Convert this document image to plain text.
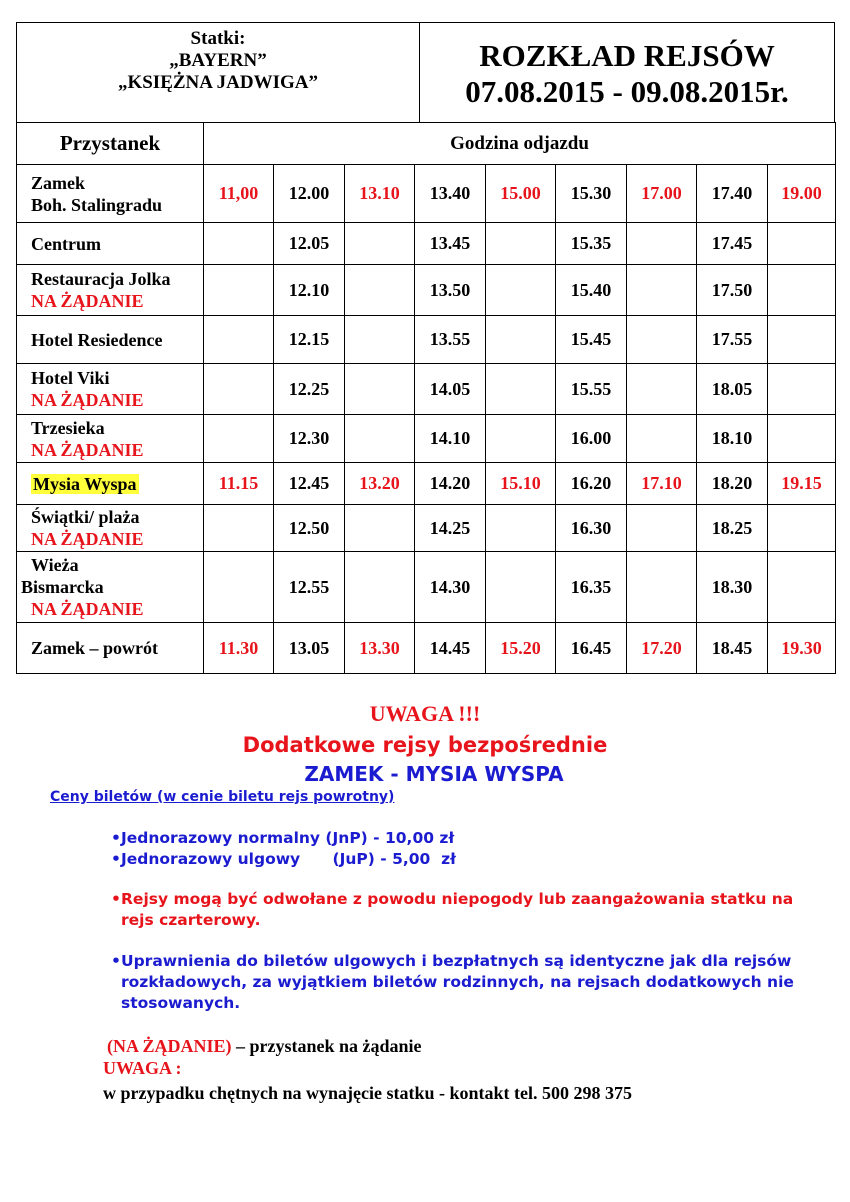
Statki:
„BAYERN”
„KSIĘŻNA JADWIGA”
ROZKŁAD REJSÓW
07.08.2015 - 09.08.2015r.
Przystanek	Godzina odjazdu								

Zamek
Boh. Stalingradu	11,00	12.00	13.10	13.40	15.00	15.30	17.00	17.40	19.00

Centrum		12.05		13.45		15.35		17.45	

Restauracja Jolka
NA ŻĄDANIE		12.10		13.50		15.40		17.50	

Hotel Resiedence		12.15		13.55		15.45		17.55	

Hotel Viki
NA ŻĄDANIE		12.25		14.05		15.55		18.05	

Trzesieka
NA ŻĄDANIE		12.30		14.10		16.00		18.10	

Mysia Wyspa	11.15	12.45	13.20	14.20	15.10	16.20	17.10	18.20	19.15

Świątki/ plaża
NA ŻĄDANIE		12.50		14.25		16.30		18.25	

Wieża
Bismarcka
NA ŻĄDANIE		12.55		14.30		16.35		18.30	

Zamek – powrót	11.30	13.05	13.30	14.45	15.20	16.45	17.20	18.45	19.30
UWAGA !!!
Dodatkowe rejsy bezpośrednie
ZAMEK - MYSIA WYSPA
Ceny biletów (w cenie biletu rejs powrotny)
• Jednorazowy normalny (JnP) - 10,00 zł
• Jednorazowy ulgowy      (JuP) - 5,00  zł
• Rejsy mogą być odwołane z powodu niepogody lub zaangażowania statku na
rejs czarterowy.
• Uprawnienia do biletów ulgowych i bezpłatnych są identyczne jak dla rejsów
rozkładowych, za wyjątkiem biletów rodzinnych, na rejsach dodatkowych nie
stosowanych.
(NA ŻĄDANIE) – przystanek na żądanie
UWAGA :
w przypadku chętnych na wynajęcie statku - kontakt tel. 500 298 375
